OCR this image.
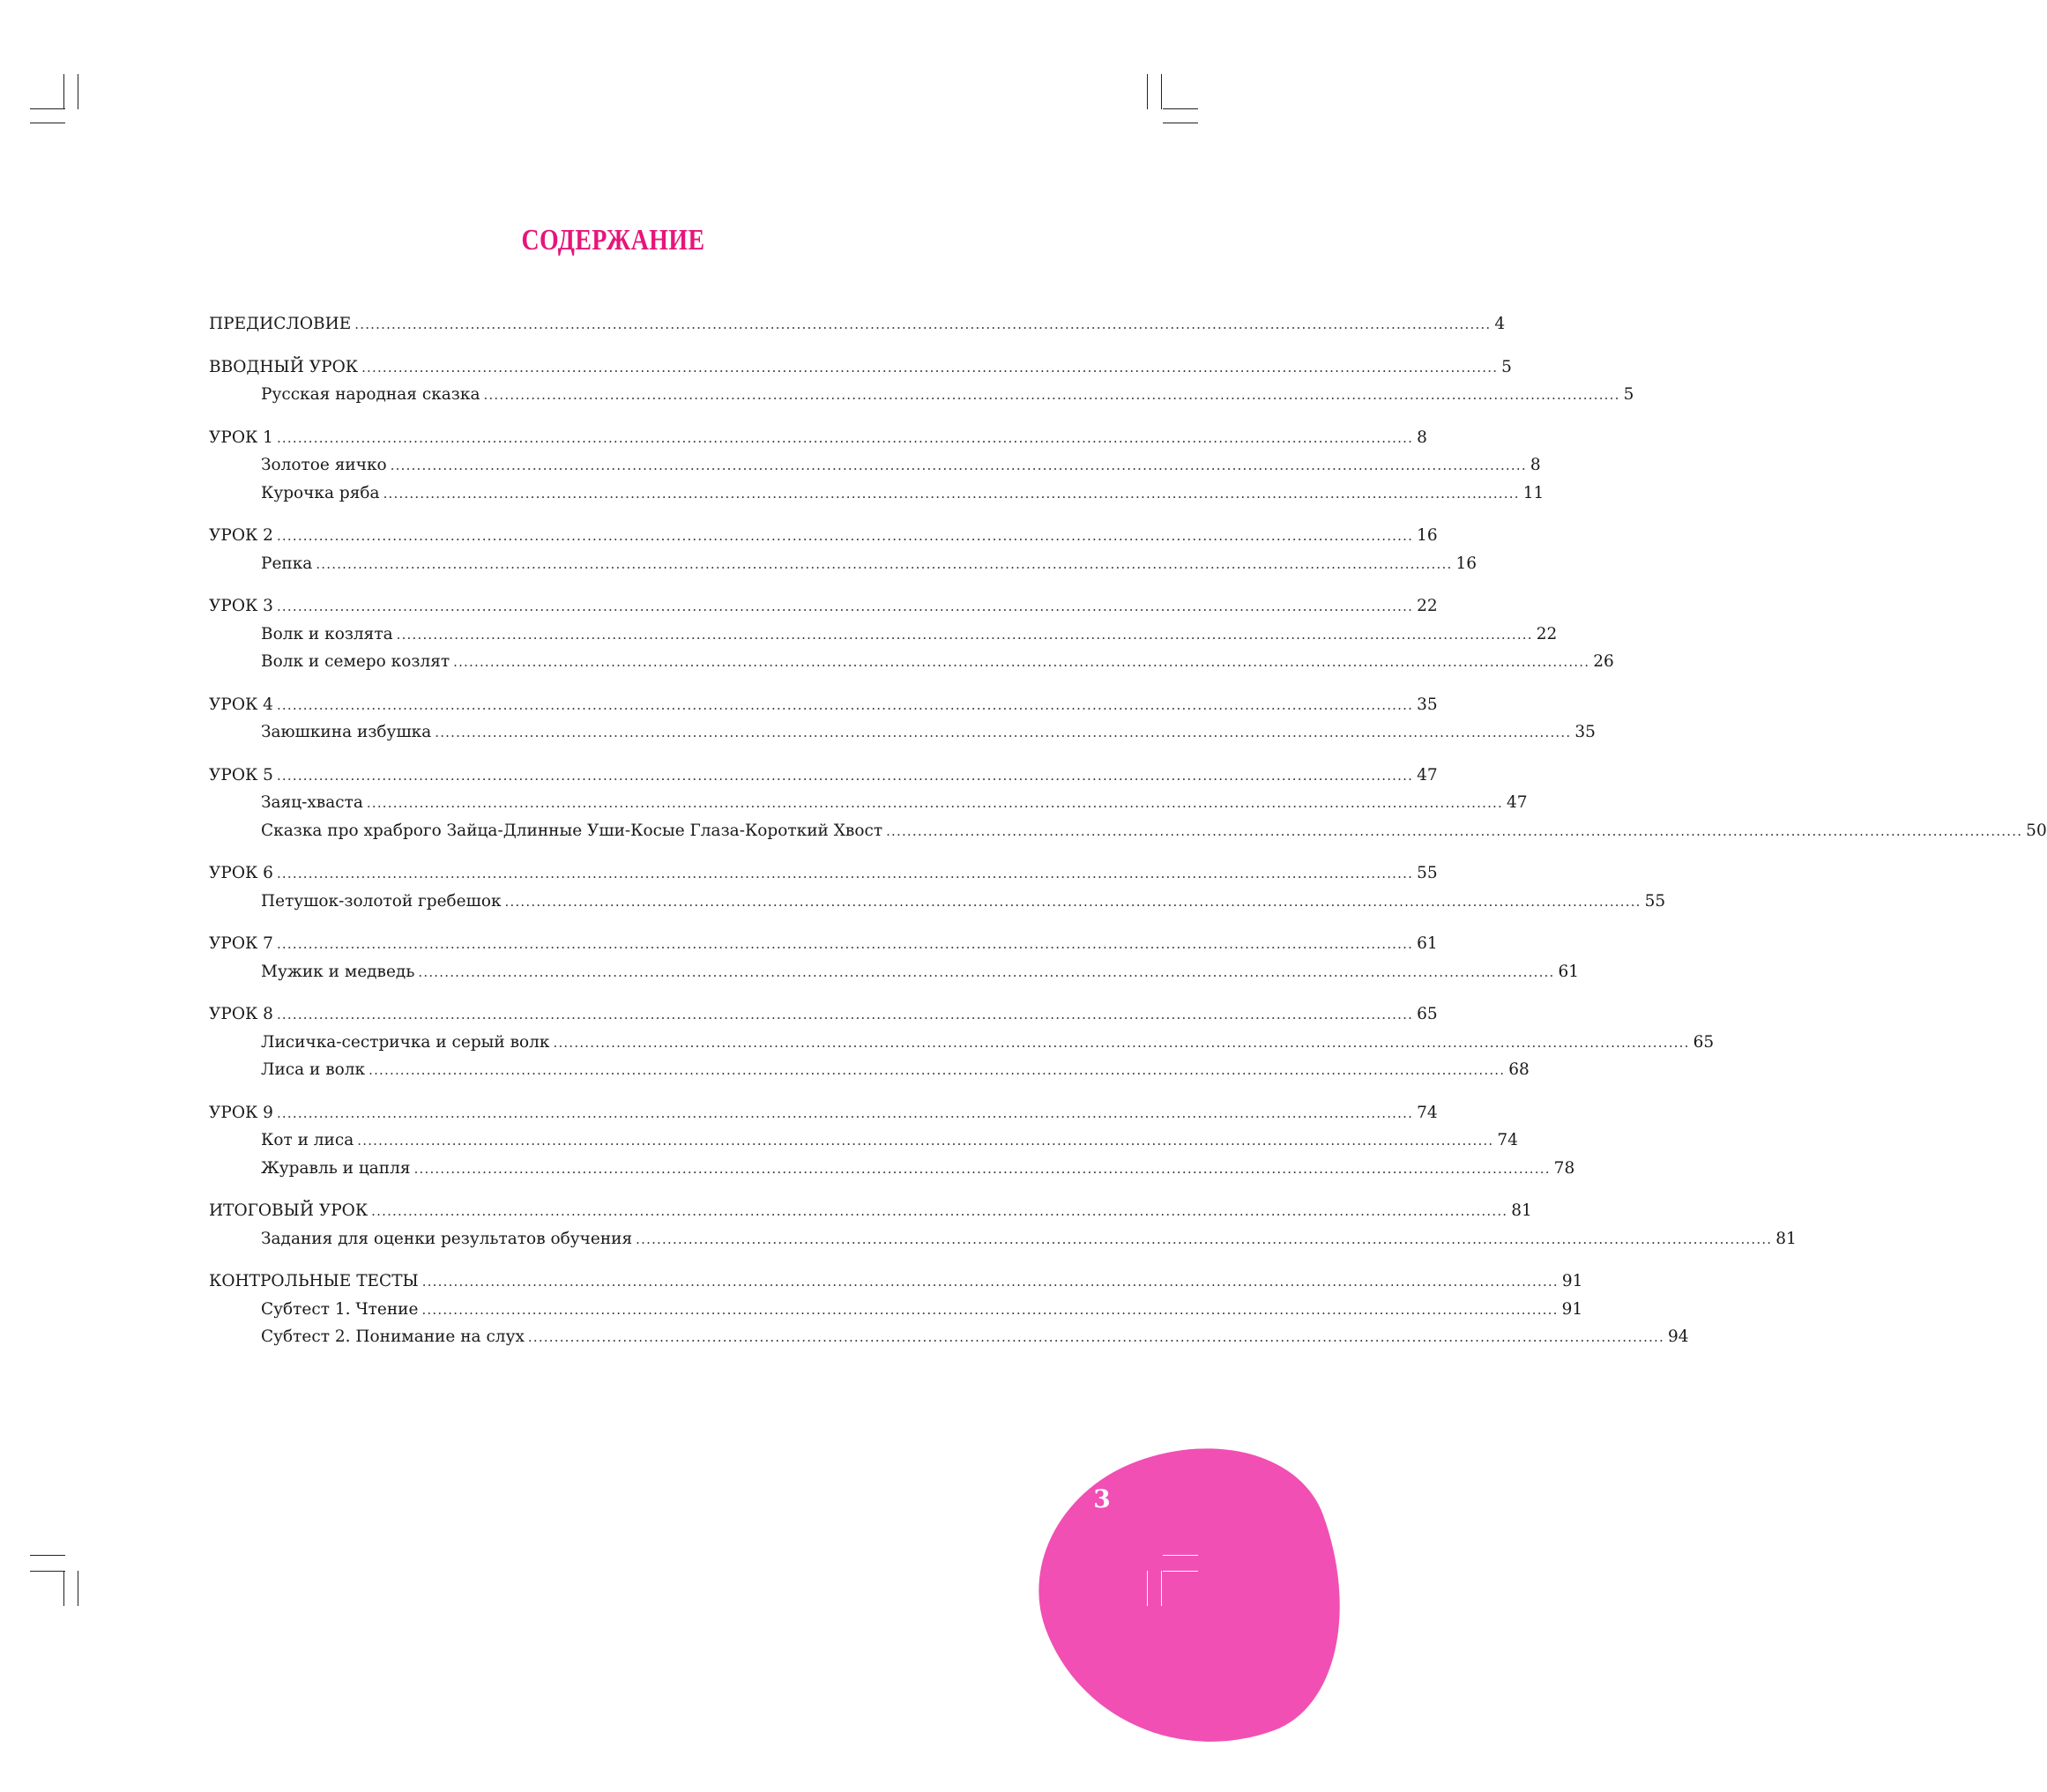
СОДЕРЖАНИЕ
ПРЕДИСЛОВИЕ ........................................................................................................................................................................................................................ 4
ВВОДНЫЙ УРОК ........................................................................................................................................................................................................................ 5
Русская народная сказка ........................................................................................................................................................................................................................ 5
УРОК 1 ........................................................................................................................................................................................................................ 8
Золотое яичко ........................................................................................................................................................................................................................ 8
Курочка ряба ........................................................................................................................................................................................................................ 11
УРОК 2 ........................................................................................................................................................................................................................ 16
Репка ........................................................................................................................................................................................................................ 16
УРОК 3 ........................................................................................................................................................................................................................ 22
Волк и козлята ........................................................................................................................................................................................................................ 22
Волк и семеро козлят ........................................................................................................................................................................................................................ 26
УРОК 4 ........................................................................................................................................................................................................................ 35
Заюшкина избушка ........................................................................................................................................................................................................................ 35
УРОК 5 ........................................................................................................................................................................................................................ 47
Заяц-хваста ........................................................................................................................................................................................................................ 47
Сказка про храброго Зайца-Длинные Уши-Косые Глаза-Короткий Хвост ........................................................................................................................................................................................................................ 50
УРОК 6 ........................................................................................................................................................................................................................ 55
Петушок-золотой гребешок ........................................................................................................................................................................................................................ 55
УРОК 7 ........................................................................................................................................................................................................................ 61
Мужик и медведь ........................................................................................................................................................................................................................ 61
УРОК 8 ........................................................................................................................................................................................................................ 65
Лисичка-сестричка и серый волк ........................................................................................................................................................................................................................ 65
Лиса и волк ........................................................................................................................................................................................................................ 68
УРОК 9 ........................................................................................................................................................................................................................ 74
Кот и лиса ........................................................................................................................................................................................................................ 74
Журавль и цапля ........................................................................................................................................................................................................................ 78
ИТОГОВЫЙ УРОК ........................................................................................................................................................................................................................ 81
Задания для оценки результатов обучения ........................................................................................................................................................................................................................ 81
КОНТРОЛЬНЫЕ ТЕСТЫ ........................................................................................................................................................................................................................ 91
Субтест 1. Чтение ........................................................................................................................................................................................................................ 91
Субтест 2. Понимание на слух ........................................................................................................................................................................................................................ 94
3
